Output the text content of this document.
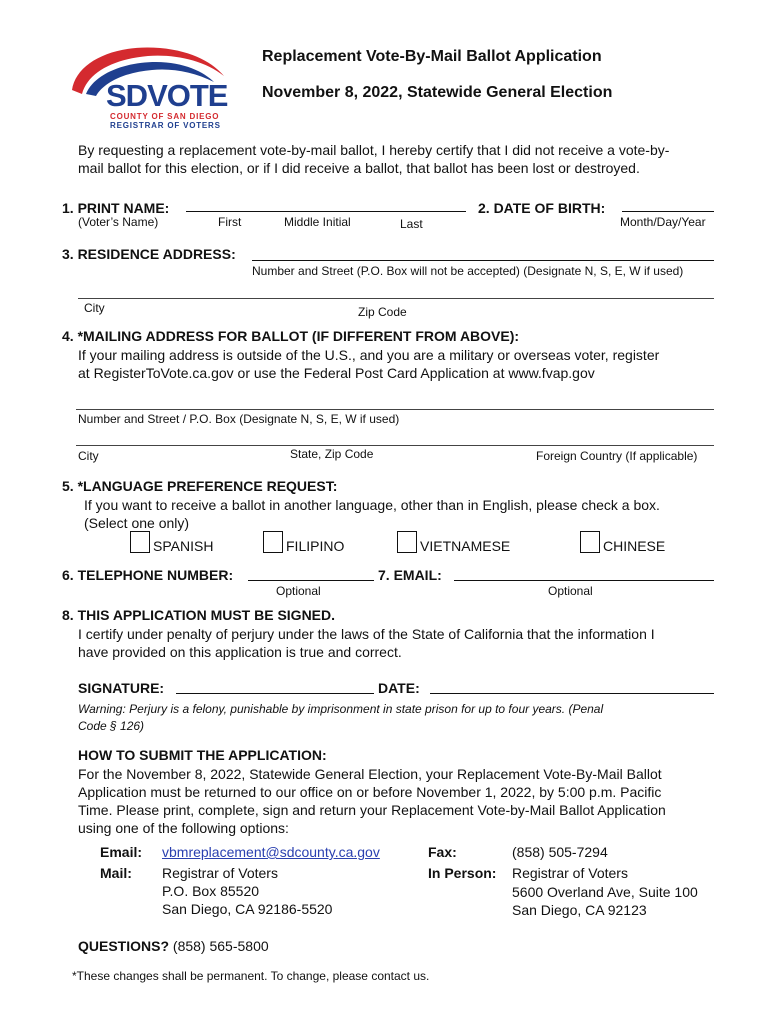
SDVOTE
COUNTY OF SAN DIEGO
REGISTRAR OF VOTERS
Replacement Vote-By-Mail Ballot Application
November 8, 2022, Statewide General Election
By requesting a replacement vote-by-mail ballot, I hereby certify that I did not receive a vote-by-
mail ballot for this election, or if I did receive a ballot, that ballot has been lost or destroyed.
1. PRINT NAME:
(Voter’s Name)	First	Middle Initial	Last
2. DATE OF BIRTH:
Month/Day/Year
3. RESIDENCE ADDRESS:
Number and Street (P.O. Box will not be accepted) (Designate N, S, E, W if used)
City	Zip Code
4. *MAILING ADDRESS FOR BALLOT (IF DIFFERENT FROM ABOVE):
If your mailing address is outside of the U.S., and you are a military or overseas voter, register
at RegisterToVote.ca.gov or use the Federal Post Card Application at www.fvap.gov
Number and Street / P.O. Box (Designate N, S, E, W if used)
City	State, Zip Code	Foreign Country (If applicable)
5. *LANGUAGE PREFERENCE REQUEST:
If you want to receive a ballot in another language, other than in English, please check a box.
(Select one only)
SPANISH	FILIPINO	VIETNAMESE	CHINESE
6. TELEPHONE NUMBER:
Optional
7. EMAIL:
Optional
8. THIS APPLICATION MUST BE SIGNED.
I certify under penalty of perjury under the laws of the State of California that the information I
have provided on this application is true and correct.
SIGNATURE:	DATE:
Warning: Perjury is a felony, punishable by imprisonment in state prison for up to four years. (Penal
Code § 126)
HOW TO SUBMIT THE APPLICATION:
For the November 8, 2022, Statewide General Election, your Replacement Vote-By-Mail Ballot
Application must be returned to our office on or before November 1, 2022, by 5:00 p.m. Pacific
Time. Please print, complete, sign and return your Replacement Vote-by-Mail Ballot Application
using one of the following options:
Email: vbmreplacement@sdcounty.ca.gov	Fax:	(858) 505-7294
Mail: Registrar of Voters
P.O. Box 85520
San Diego, CA 92186-5520
In Person: Registrar of Voters
5600 Overland Ave, Suite 100
San Diego, CA 92123
QUESTIONS? (858) 565-5800
*These changes shall be permanent. To change, please contact us.
